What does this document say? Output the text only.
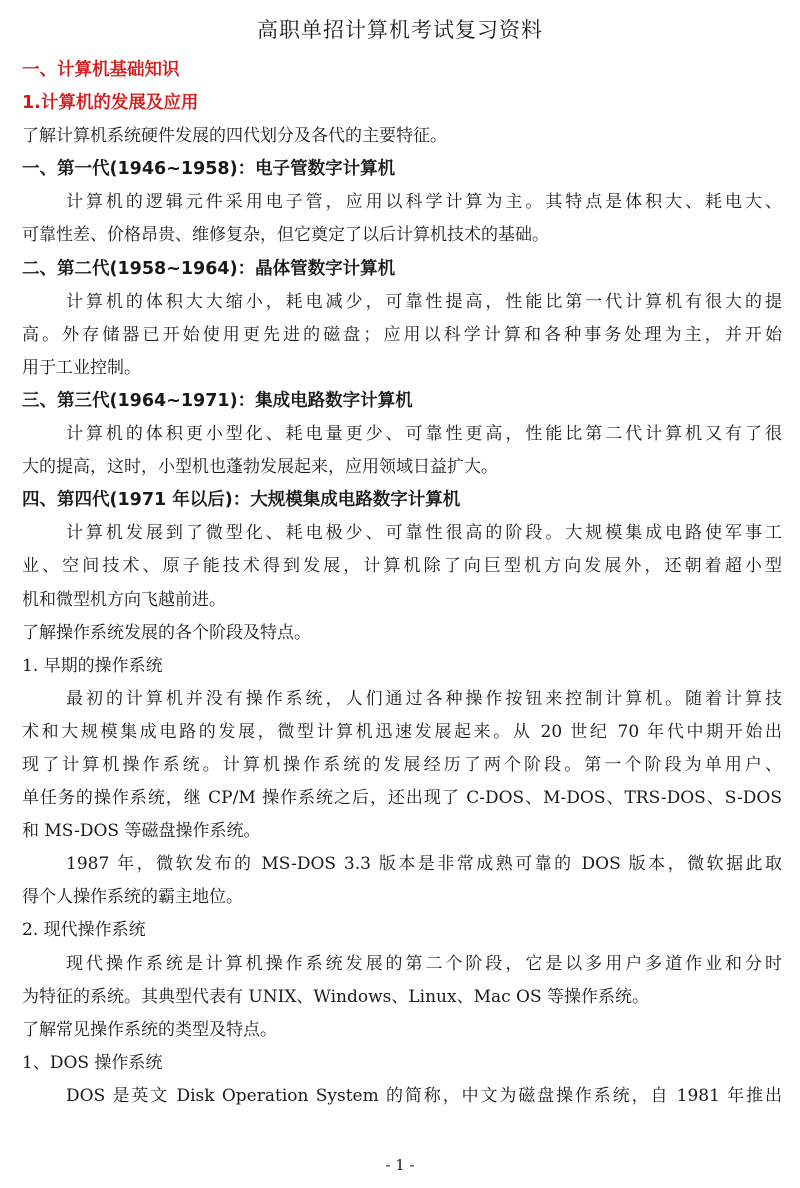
高职单招计算机考试复习资料
一、计算机基础知识
1.计算机的发展及应用
了解计算机系统硬件发展的四代划分及各代的主要特征。
一、第一代(1946~1958)：电子管数字计算机
计算机的逻辑元件采用电子管，应用以科学计算为主。其特点是体积大、耗电大、
可靠性差、价格昂贵、维修复杂，但它奠定了以后计算机技术的基础。
二、第二代(1958~1964)：晶体管数字计算机
计算机的体积大大缩小，耗电减少，可靠性提高，性能比第一代计算机有很大的提
高。外存储器已开始使用更先进的磁盘；应用以科学计算和各种事务处理为主，并开始
用于工业控制。
三、第三代(1964~1971)：集成电路数字计算机
计算机的体积更小型化、耗电量更少、可靠性更高，性能比第二代计算机又有了很
大的提高，这时，小型机也蓬勃发展起来，应用领域日益扩大。
四、第四代(1971 年以后)：大规模集成电路数字计算机
计算机发展到了微型化、耗电极少、可靠性很高的阶段。大规模集成电路使军事工
业、空间技术、原子能技术得到发展，计算机除了向巨型机方向发展外，还朝着超小型
机和微型机方向飞越前进。
了解操作系统发展的各个阶段及特点。
1. 早期的操作系统
最初的计算机并没有操作系统，人们通过各种操作按钮来控制计算机。随着计算技
术和大规模集成电路的发展，微型计算机迅速发展起来。从 20 世纪 70 年代中期开始出
现了计算机操作系统。计算机操作系统的发展经历了两个阶段。第一个阶段为单用户、
单任务的操作系统，继 CP/M 操作系统之后，还出现了 C-DOS、M-DOS、TRS-DOS、S-DOS
和 MS-DOS 等磁盘操作系统。
1987 年，微软发布的 MS-DOS 3.3 版本是非常成熟可靠的 DOS 版本，微软据此取
得个人操作系统的霸主地位。
2. 现代操作系统
现代操作系统是计算机操作系统发展的第二个阶段，它是以多用户多道作业和分时
为特征的系统。其典型代表有 UNIX、Windows、Linux、Mac OS 等操作系统。
了解常见操作系统的类型及特点。
1、DOS 操作系统
DOS 是英文 Disk Operation System 的简称，中文为磁盘操作系统，自 1981 年推出
- 1 -
